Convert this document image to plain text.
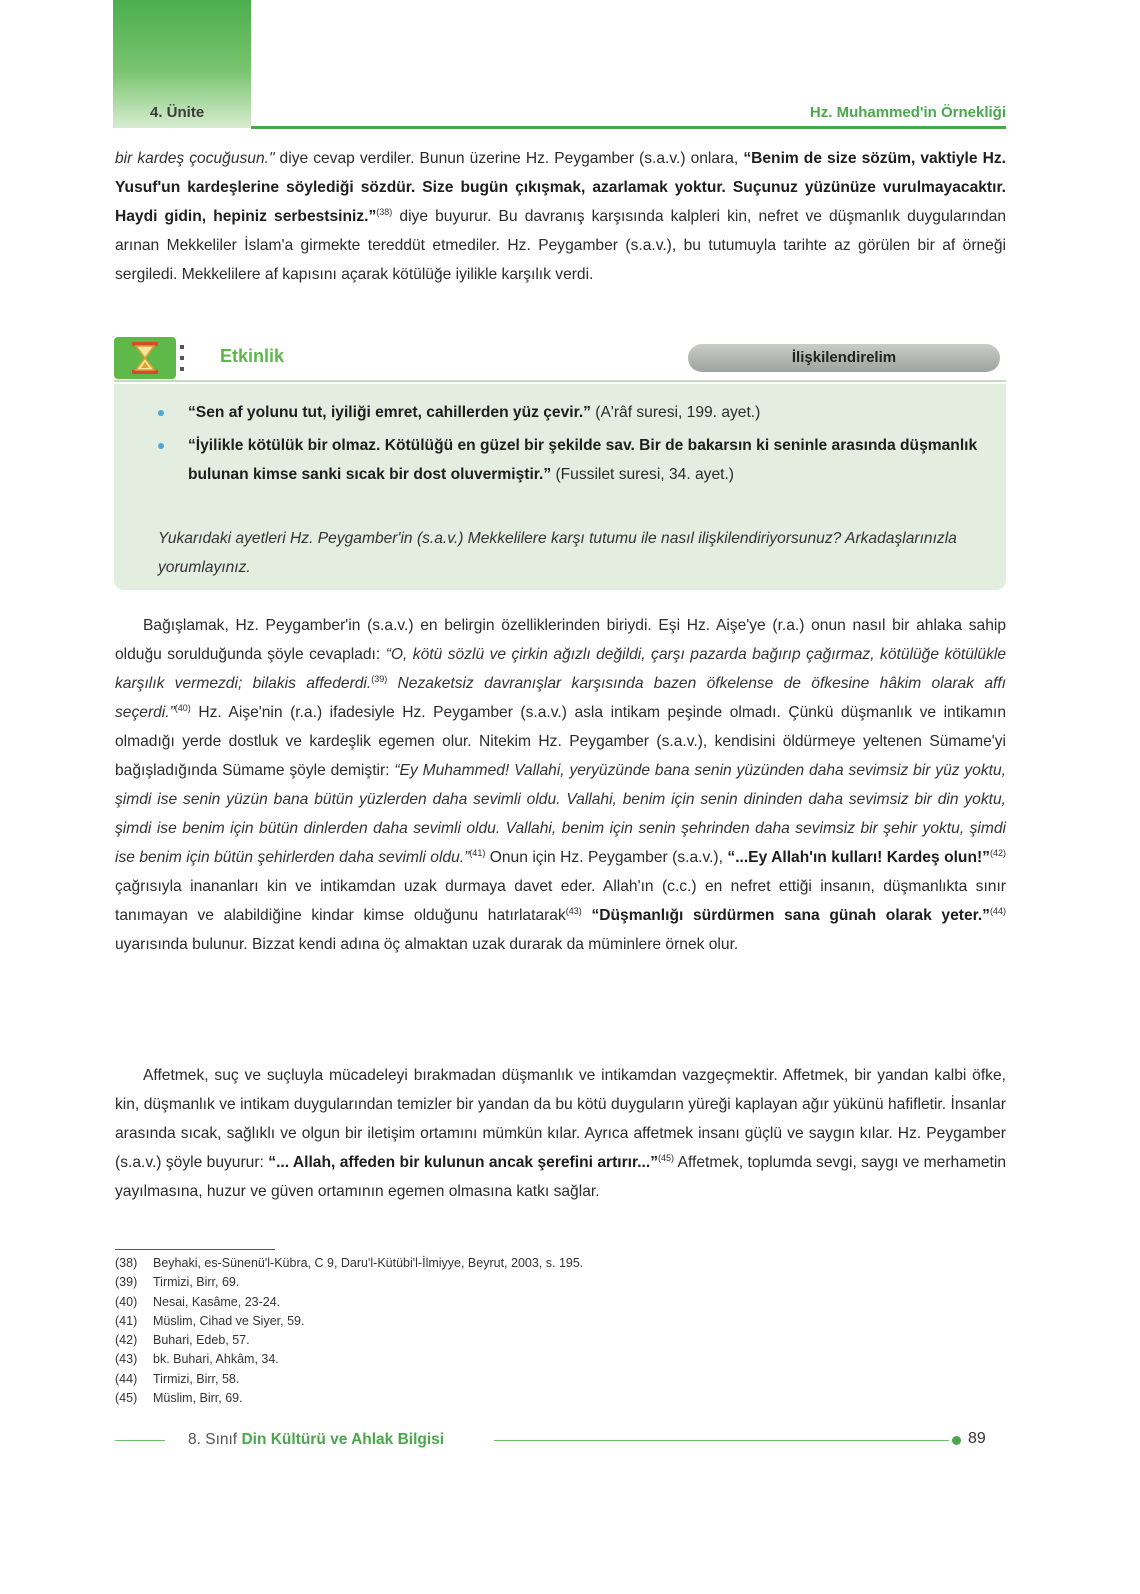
4. Ünite	Hz. Muhammed'in Örnekliği

bir kardeş çocuğusun." diye cevap verdiler. Bunun üzerine Hz. Peygamber (s.a.v.) onlara, “Benim de size sözüm, vaktiyle Hz. Yusuf'un kardeşlerine söylediği sözdür. Size bugün çıkışmak, azarlamak yoktur. Suçunuz yüzünüze vurulmayacaktır. Haydi gidin, hepiniz serbestsiniz.”$^{(38)}$ diye buyurur. Bu davranış karşısında kalpleri kin, nefret ve düşmanlık duygularından arınan Mekkeliler İslam'a girmekte tereddüt etmediler. Hz. Peygamber (s.a.v.), bu tutumuyla tarihte az görülen bir af örneği sergiledi. Mekkelilere af kapısını açarak kötülüğe iyilikle karşılık verdi.

Etkinlik	İlişkilendirelim
“Sen af yolunu tut, iyiliği emret, cahillerden yüz çevir.” (A'râf suresi, 199. ayet.)
“İyilikle kötülük bir olmaz. Kötülüğü en güzel bir şekilde sav. Bir de bakarsın ki seninle arasında düşmanlık bulunan kimse sanki sıcak bir dost oluvermiştir.” (Fussilet suresi, 34. ayet.)
Yukarıdaki ayetleri Hz. Peygamber'in (s.a.v.) Mekkelilere karşı tutumu ile nasıl ilişkilendiriyorsunuz? Arkadaşlarınızla yorumlayınız.

Bağışlamak, Hz. Peygamber'in (s.a.v.) en belirgin özelliklerinden biriydi. Eşi Hz. Aişe'ye (r.a.) onun nasıl bir ahlaka sahip olduğu sorulduğunda şöyle cevapladı: “O, kötü sözlü ve çirkin ağızlı değildi, çarşı pazarda bağırıp çağırmaz, kötülüğe kötülükle karşılık vermezdi; bilakis affederdi.$^{(39)}$ Nezaketsiz davranışlar karşısında bazen öfkelense de öfkesine hâkim olarak affı seçerdi.”$^{(40)}$ Hz. Aişe'nin (r.a.) ifadesiyle Hz. Peygamber (s.a.v.) asla intikam peşinde olmadı. Çünkü düşmanlık ve intikamın olmadığı yerde dostluk ve kardeşlik egemen olur. Nitekim Hz. Peygamber (s.a.v.), kendisini öldürmeye yeltenen Sümame'yi bağışladığında Sümame şöyle demiştir: “Ey Muhammed! Vallahi, yeryüzünde bana senin yüzünden daha sevimsiz bir yüz yoktu, şimdi ise senin yüzün bana bütün yüzlerden daha sevimli oldu. Vallahi, benim için senin dininden daha sevimsiz bir din yoktu, şimdi ise benim için bütün dinlerden daha sevimli oldu. Vallahi, benim için senin şehrinden daha sevimsiz bir şehir yoktu, şimdi ise benim için bütün şehirlerden daha sevimli oldu.”$^{(41)}$ Onun için Hz. Peygamber (s.a.v.), “...Ey Allah'ın kulları! Kardeş olun!”$^{(42)}$ çağrısıyla inananları kin ve intikamdan uzak durmaya davet eder. Allah'ın (c.c.) en nefret ettiği insanın, düşmanlıkta sınır tanımayan ve alabildiğine kindar kimse olduğunu hatırlatarak$^{(43)}$ “Düşmanlığı sürdürmen sana günah olarak yeter.”$^{(44)}$ uyarısında bulunur. Bizzat kendi adına öç almaktan uzak durarak da müminlere örnek olur.

Affetmek, suç ve suçluyla mücadeleyi bırakmadan düşmanlık ve intikamdan vazgeçmektir. Affetmek, bir yandan kalbi öfke, kin, düşmanlık ve intikam duygularından temizler bir yandan da bu kötü duyguların yüreği kaplayan ağır yükünü hafifletir. İnsanlar arasında sıcak, sağlıklı ve olgun bir iletişim ortamını mümkün kılar. Ayrıca affetmek insanı güçlü ve saygın kılar. Hz. Peygamber (s.a.v.) şöyle buyurur: “... Allah, affeden bir kulunun ancak şerefini artırır...”$^{(45)}$ Affetmek, toplumda sevgi, saygı ve merhametin yayılmasına, huzur ve güven ortamının egemen olmasına katkı sağlar.

(38) Beyhaki, es-Sünenü'l-Kübra, C 9, Daru'l-Kütübi'l-İlmiyye, Beyrut, 2003, s. 195.
(39) Tirmizi, Birr, 69.
(40) Nesai, Kasâme, 23-24.
(41) Müslim, Cihad ve Siyer, 59.
(42) Buhari, Edeb, 57.
(43) bk. Buhari, Ahkâm, 34.
(44) Tirmizi, Birr, 58.
(45) Müslim, Birr, 69.
8. Sınıf Din Kültürü ve Ahlak Bilgisi	89
